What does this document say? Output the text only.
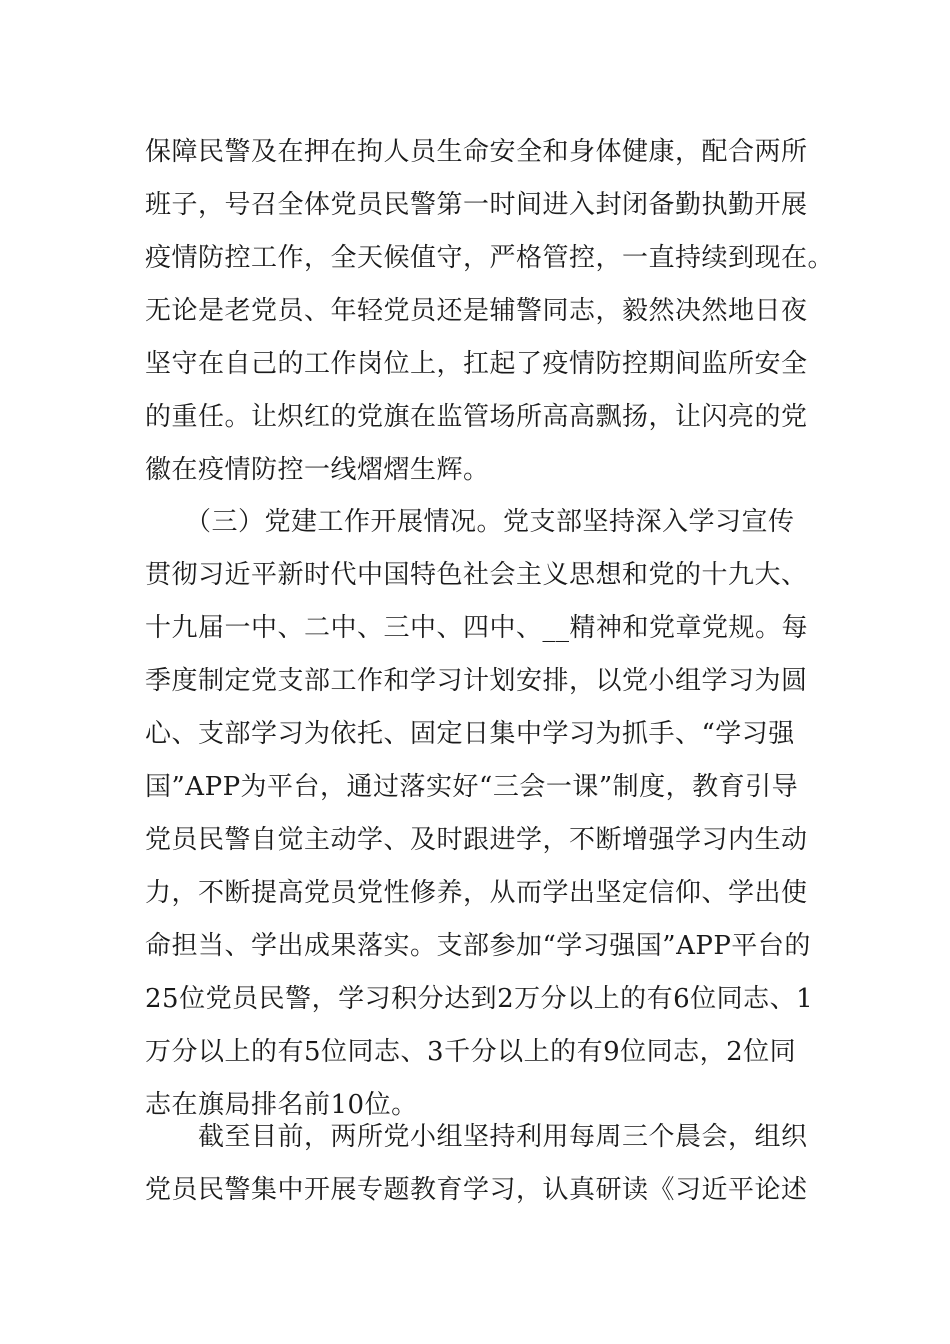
保障民警及在押在拘人员生命安全和身体健康，配合两所
班子，号召全体党员民警第一时间进入封闭备勤执勤开展
疫情防控工作，全天候值守，严格管控，一直持续到现在。
无论是老党员、年轻党员还是辅警同志，毅然决然地日夜
坚守在自己的工作岗位上，扛起了疫情防控期间监所安全
的重任。让炽红的党旗在监管场所高高飘扬，让闪亮的党
徽在疫情防控一线熠熠生辉。
　　（三）党建工作开展情况。党支部坚持深入学习宣传
贯彻习近平新时代中国特色社会主义思想和党的十九大、
十九届一中、二中、三中、四中、__精神和党章党规。每
季度制定党支部工作和学习计划安排，以党小组学习为圆
心、支部学习为依托、固定日集中学习为抓手、“学习强
国”APP为平台，通过落实好“三会一课”制度，教育引导
党员民警自觉主动学、及时跟进学，不断增强学习内生动
力，不断提高党员党性修养，从而学出坚定信仰、学出使
命担当、学出成果落实。支部参加“学习强国”APP平台的
25位党员民警，学习积分达到2万分以上的有6位同志、1
万分以上的有5位同志、3千分以上的有9位同志，2位同
志在旗局排名前10位。
　　截至目前，两所党小组坚持利用每周三个晨会，组织
党员民警集中开展专题教育学习，认真研读《习近平论述
